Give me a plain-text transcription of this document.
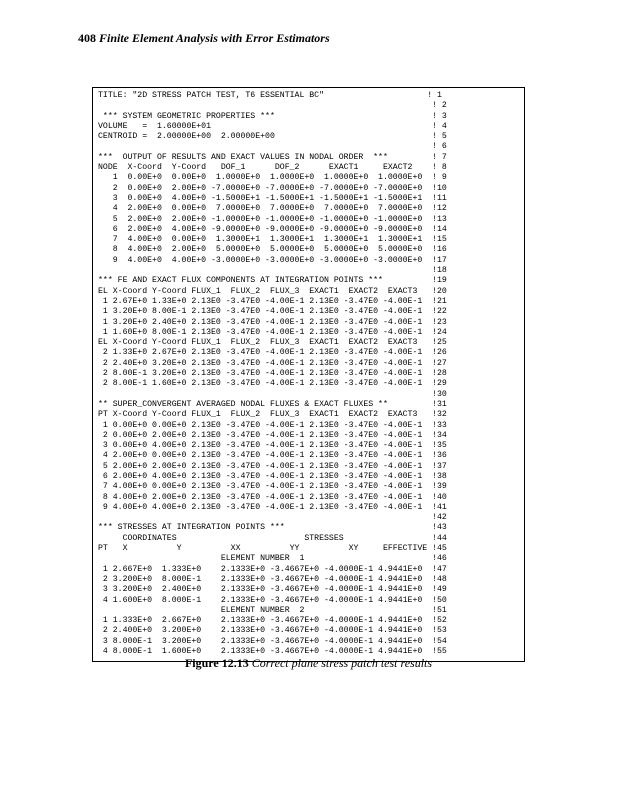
408 Finite Element Analysis with Error Estimators
TITLE: "2D STRESS PATCH TEST, T6 ESSENTIAL BC"                     ! 1
! 2
*** SYSTEM GEOMETRIC PROPERTIES ***                                ! 3
VOLUME   =  1.60000E+01                                             ! 4
CENTROID =  2.00000E+00  2.00000E+00                                ! 5
! 6
***  OUTPUT OF RESULTS AND EXACT VALUES IN NODAL ORDER  ***         ! 7
NODE  X-Coord  Y-Coord   DOF_1      DOF_2      EXACT1     EXACT2    ! 8
1  0.00E+0  0.00E+0  1.0000E+0  1.0000E+0  1.0000E+0  1.0000E+0  ! 9
2  0.00E+0  2.00E+0 -7.0000E+0 -7.0000E+0 -7.0000E+0 -7.0000E+0  !10
3  0.00E+0  4.00E+0 -1.5000E+1 -1.5000E+1 -1.5000E+1 -1.5000E+1  !11
4  2.00E+0  0.00E+0  7.0000E+0  7.0000E+0  7.0000E+0  7.0000E+0  !12
5  2.00E+0  2.00E+0 -1.0000E+0 -1.0000E+0 -1.0000E+0 -1.0000E+0  !13
6  2.00E+0  4.00E+0 -9.0000E+0 -9.0000E+0 -9.0000E+0 -9.0000E+0  !14
7  4.00E+0  0.00E+0  1.3000E+1  1.3000E+1  1.3000E+1  1.3000E+1  !15
8  4.00E+0  2.00E+0  5.0000E+0  5.0000E+0  5.0000E+0  5.0000E+0  !16
9  4.00E+0  4.00E+0 -3.0000E+0 -3.0000E+0 -3.0000E+0 -3.0000E+0  !17
!18
*** FE AND EXACT FLUX COMPONENTS AT INTEGRATION POINTS ***          !19
EL X-Coord Y-Coord FLUX_1  FLUX_2  FLUX_3  EXACT1  EXACT2  EXACT3   !20
1 2.67E+0 1.33E+0 2.13E0 -3.47E0 -4.00E-1 2.13E0 -3.47E0 -4.00E-1  !21
1 3.20E+0 8.00E-1 2.13E0 -3.47E0 -4.00E-1 2.13E0 -3.47E0 -4.00E-1  !22
1 3.20E+0 2.40E+0 2.13E0 -3.47E0 -4.00E-1 2.13E0 -3.47E0 -4.00E-1  !23
1 1.60E+0 8.00E-1 2.13E0 -3.47E0 -4.00E-1 2.13E0 -3.47E0 -4.00E-1  !24
EL X-Coord Y-Coord FLUX_1  FLUX_2  FLUX_3  EXACT1  EXACT2  EXACT3   !25
2 1.33E+0 2.67E+0 2.13E0 -3.47E0 -4.00E-1 2.13E0 -3.47E0 -4.00E-1  !26
2 2.40E+0 3.20E+0 2.13E0 -3.47E0 -4.00E-1 2.13E0 -3.47E0 -4.00E-1  !27
2 8.00E-1 3.20E+0 2.13E0 -3.47E0 -4.00E-1 2.13E0 -3.47E0 -4.00E-1  !28
2 8.00E-1 1.60E+0 2.13E0 -3.47E0 -4.00E-1 2.13E0 -3.47E0 -4.00E-1  !29
!30
** SUPER_CONVERGENT AVERAGED NODAL FLUXES & EXACT FLUXES **         !31
PT X-Coord Y-Coord FLUX_1  FLUX_2  FLUX_3  EXACT1  EXACT2  EXACT3   !32
1 0.00E+0 0.00E+0 2.13E0 -3.47E0 -4.00E-1 2.13E0 -3.47E0 -4.00E-1  !33
2 0.00E+0 2.00E+0 2.13E0 -3.47E0 -4.00E-1 2.13E0 -3.47E0 -4.00E-1  !34
3 0.00E+0 4.00E+0 2.13E0 -3.47E0 -4.00E-1 2.13E0 -3.47E0 -4.00E-1  !35
4 2.00E+0 0.00E+0 2.13E0 -3.47E0 -4.00E-1 2.13E0 -3.47E0 -4.00E-1  !36
5 2.00E+0 2.00E+0 2.13E0 -3.47E0 -4.00E-1 2.13E0 -3.47E0 -4.00E-1  !37
6 2.00E+0 4.00E+0 2.13E0 -3.47E0 -4.00E-1 2.13E0 -3.47E0 -4.00E-1  !38
7 4.00E+0 0.00E+0 2.13E0 -3.47E0 -4.00E-1 2.13E0 -3.47E0 -4.00E-1  !39
8 4.00E+0 2.00E+0 2.13E0 -3.47E0 -4.00E-1 2.13E0 -3.47E0 -4.00E-1  !40
9 4.00E+0 4.00E+0 2.13E0 -3.47E0 -4.00E-1 2.13E0 -3.47E0 -4.00E-1  !41
!42
*** STRESSES AT INTEGRATION POINTS ***                              !43
COORDINATES                          STRESSES                  !44
PT   X          Y          XX          YY          XY     EFFECTIVE !45
ELEMENT NUMBER  1                          !46
1 2.667E+0  1.333E+0    2.1333E+0 -3.4667E+0 -4.0000E-1 4.9441E+0  !47
2 3.200E+0  8.000E-1    2.1333E+0 -3.4667E+0 -4.0000E-1 4.9441E+0  !48
3 3.200E+0  2.400E+0    2.1333E+0 -3.4667E+0 -4.0000E-1 4.9441E+0  !49
4 1.600E+0  8.000E-1    2.1333E+0 -3.4667E+0 -4.0000E-1 4.9441E+0  !50
ELEMENT NUMBER  2                          !51
1 1.333E+0  2.667E+0    2.1333E+0 -3.4667E+0 -4.0000E-1 4.9441E+0  !52
2 2.400E+0  3.200E+0    2.1333E+0 -3.4667E+0 -4.0000E-1 4.9441E+0  !53
3 8.000E-1  3.200E+0    2.1333E+0 -3.4667E+0 -4.0000E-1 4.9441E+0  !54
4 8.000E-1  1.600E+0    2.1333E+0 -3.4667E+0 -4.0000E-1 4.9441E+0  !55
Figure 12.13 Correct plane stress patch test results
